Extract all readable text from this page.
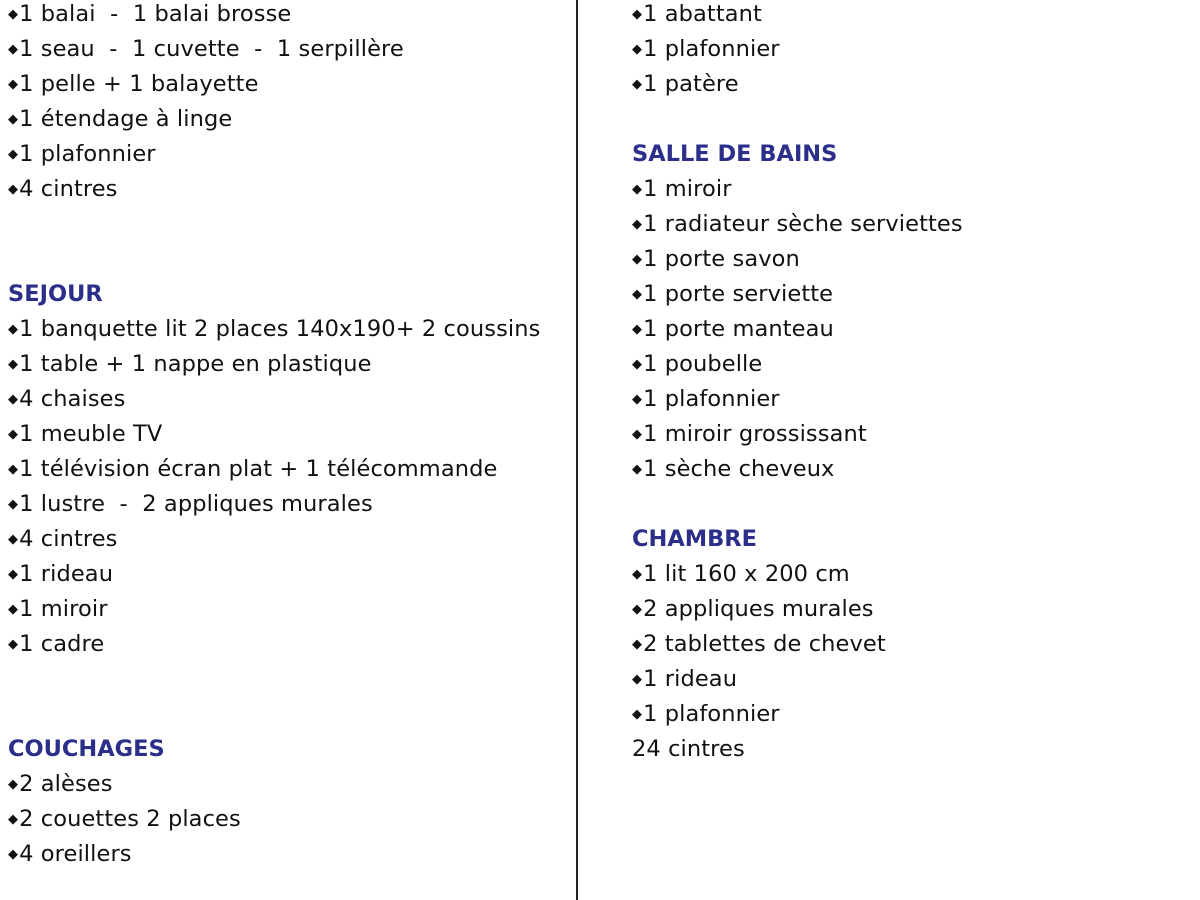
◆1 balai  -  1 balai brosse
◆1 seau  -  1 cuvette  -  1 serpillère
◆1 pelle + 1 balayette
◆1 étendage à linge
◆1 plafonnier
◆4 cintres
SEJOUR
◆1 banquette lit 2 places 140x190+ 2 coussins
◆1 table + 1 nappe en plastique
◆4 chaises
◆1 meuble TV
◆1 télévision écran plat + 1 télécommande
◆1 lustre  -  2 appliques murales
◆4 cintres
◆1 rideau
◆1 miroir
◆1 cadre
COUCHAGES
◆2 alèses
◆2 couettes 2 places
◆4 oreillers
◆1 abattant
◆1 plafonnier
◆1 patère
SALLE DE BAINS
◆1 miroir
◆1 radiateur sèche serviettes
◆1 porte savon
◆1 porte serviette
◆1 porte manteau
◆1 poubelle
◆1 plafonnier
◆1 miroir grossissant
◆1 sèche cheveux
CHAMBRE
◆1 lit 160 x 200 cm
◆2 appliques murales
◆2 tablettes de chevet
◆1 rideau
◆1 plafonnier
24 cintres
